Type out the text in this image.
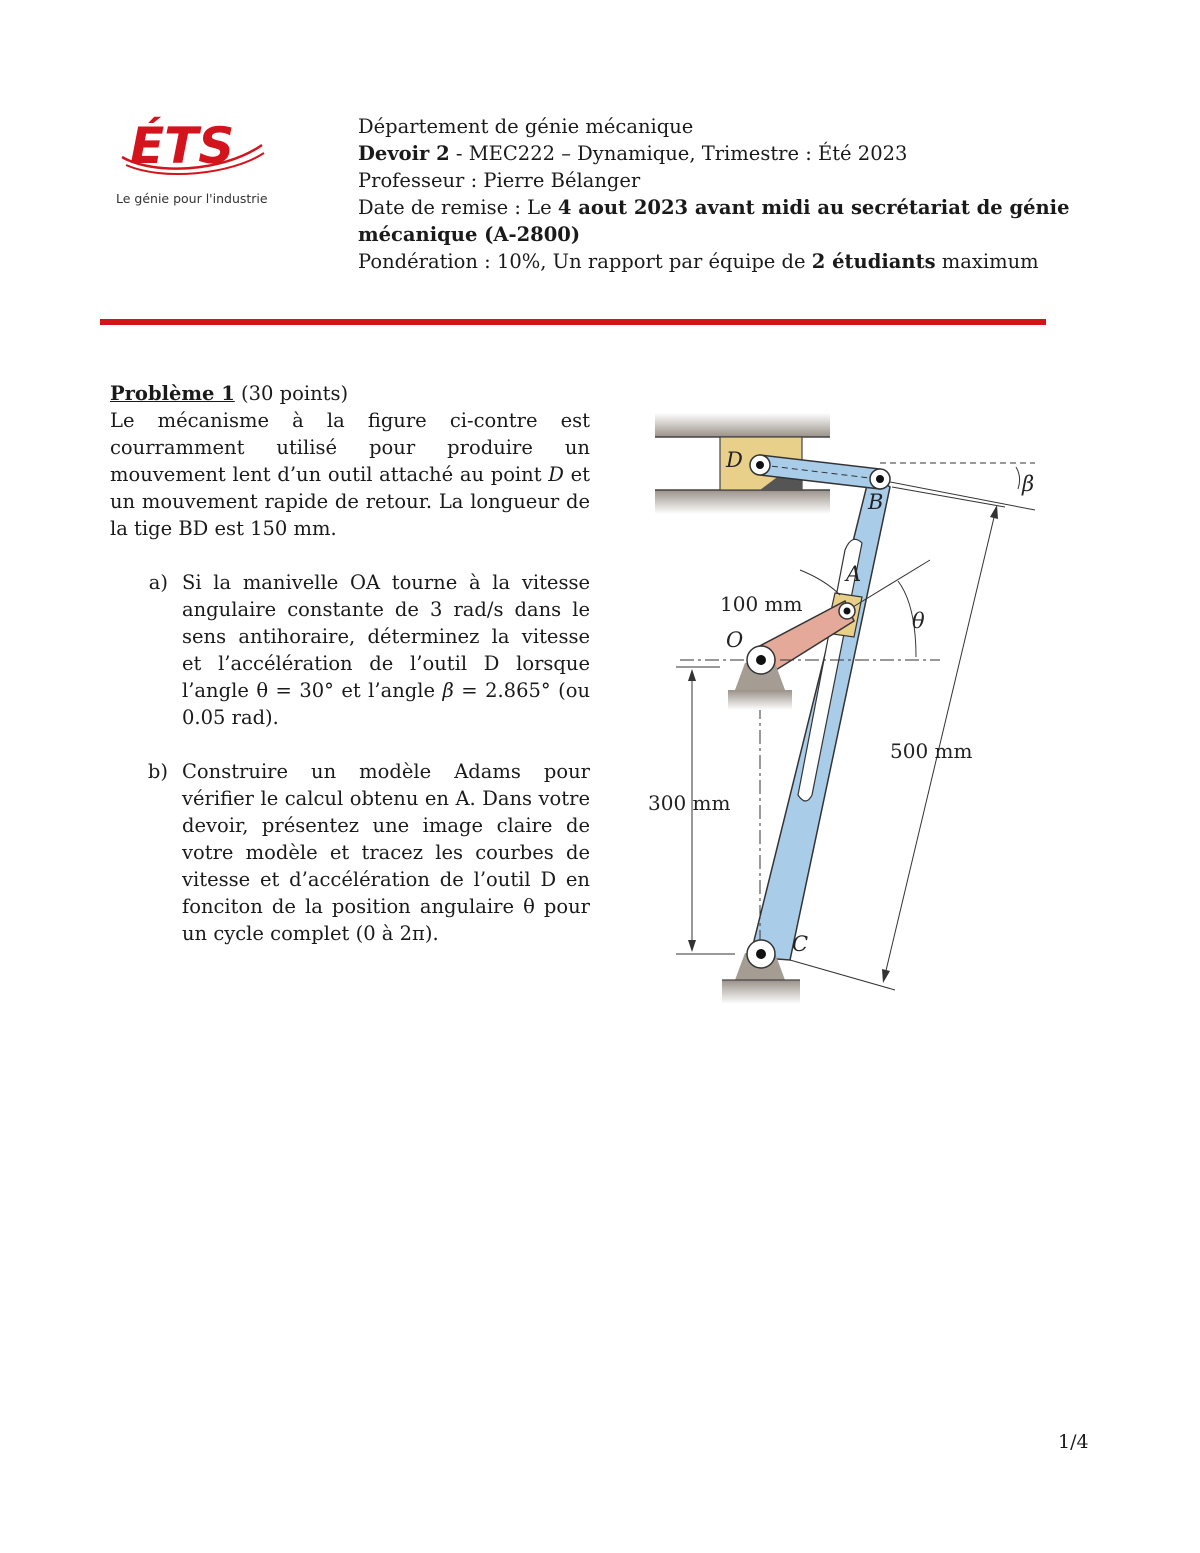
ÉTS
Le génie pour l'industrie
Département de génie mécanique
Devoir 2 - MEC222 – Dynamique, Trimestre : Été 2023
Professeur : Pierre Bélanger
Date de remise : Le 4 aout 2023 avant midi au secrétariat de génie
mécanique (A-2800)
Pondération : 10%, Un rapport par équipe de 2 étudiants maximum
Problème 1 (30 points)

Le mécanisme à la figure ci-contre est courramment utilisé pour produire un mouvement lent d’un outil attaché au point D et un mouvement rapide de retour. La longueur de la tige BD est 150 mm.

a) Si la manivelle OA tourne à la vitesse angulaire constante de 3 rad/s dans le sens antihoraire, déterminez la vitesse et l’accélération de l’outil D lorsque l’angle θ = 30° et l’angle β = 2.865° (ou 0.05 rad).
b) Construire un modèle Adams pour vérifier le calcul obtenu en A. Dans votre devoir, présentez une image claire de votre modèle et tracez les courbes de vitesse et d’accélération de l’outil D en fonciton de la position angulaire θ pour un cycle complet (0 à 2π).
D
B
A
O
C
β
θ
100 mm
300 mm
500 mm
1/4
